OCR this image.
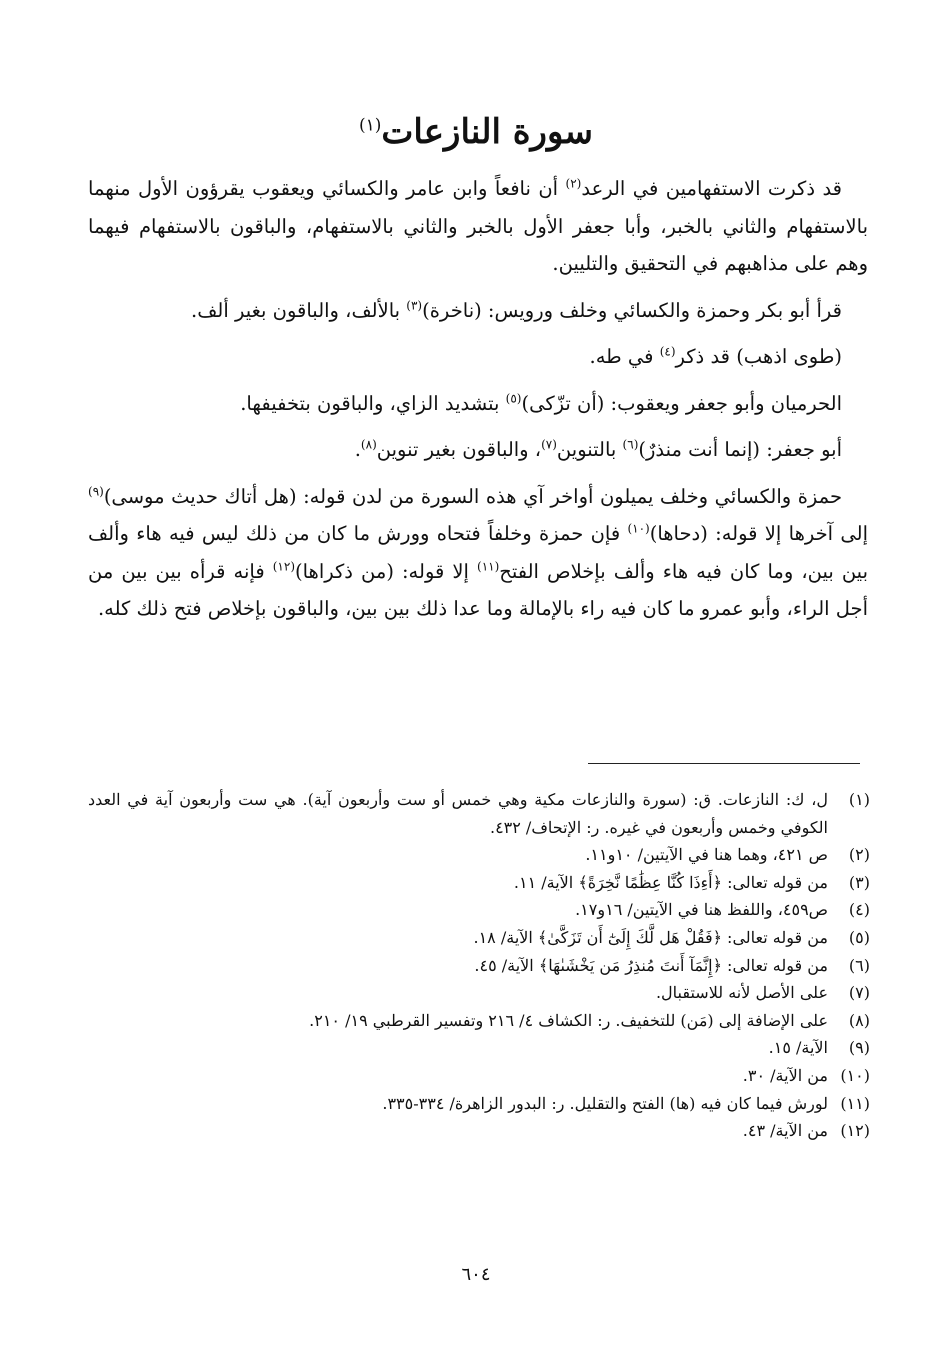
سورة النازعات$^{(١)}$

قد ذكرت الاستفهامين في الرعد$^{(٢)}$ أن نافعاً وابن عامر والكسائي ويعقوب يقرؤون الأول منهما بالاستفهام والثاني بالخبر، وأبا جعفر الأول بالخبر والثاني بالاستفهام، والباقون بالاستفهام فيهما وهم على مذاهبهم في التحقيق والتليين.

قرأ أبو بكر وحمزة والكسائي وخلف ورويس: (ناخرة)$^{(٣)}$ بالألف، والباقون بغير ألف.

(طوى اذهب) قد ذكر$^{(٤)}$ في طه.

الحرميان وأبو جعفر ويعقوب: (أن تزّكى)$^{(٥)}$ بتشديد الزاي، والباقون بتخفيفها.

أبو جعفر: (إنما أنت منذرٌ)$^{(٦)}$ بالتنوين$^{(٧)}$، والباقون بغير تنوين$^{(٨)}$.

حمزة والكسائي وخلف يميلون أواخر آي هذه السورة من لدن قوله: (هل أتاك حديث موسى)$^{(٩)}$ إلى آخرها إلا قوله: (دحاها)$^{(١٠)}$ فإن حمزة وخلفاً فتحاه وورش ما كان من ذلك ليس فيه هاء وألف بين بين، وما كان فيه هاء وألف بإخلاص الفتح$^{(١١)}$ إلا قوله: (من ذكراها)$^{(١٢)}$ فإنه قرأه بين بين من أجل الراء، وأبو عمرو ما كان فيه راء بالإمالة وما عدا ذلك بين بين، والباقون بإخلاص فتح ذلك كله.

(١)
ل، ك: النازعات. ق: (سورة والنازعات مكية وهي خمس أو ست وأربعون آية). هي ست وأربعون آية في العدد الكوفي وخمس وأربعون في غيره. ر: الإتحاف/ ٤٣٢.
(٢)
ص ٤٢١، وهما هنا في الآيتين/ ١٠و١١.
(٣)
من قوله تعالى: ﴿أَءِذَا كُنَّا عِظَٰمًا نَّخِرَةً﴾ الآية/ ١١.
(٤)
ص٤٥٩، واللفظ هنا في الآيتين/ ١٦و١٧.
(٥)
من قوله تعالى: ﴿فَقُلْ هَل لَّكَ إِلَىٰٓ أَن تَزَكَّىٰ﴾ الآية/ ١٨.
(٦)
من قوله تعالى: ﴿إِنَّمَآ أَنتَ مُنذِرُ مَن يَخْشَىٰهَا﴾ الآية/ ٤٥.
(٧)
على الأصل لأنه للاستقبال.
(٨)
على الإضافة إلى (مَن) للتخفيف. ر: الكشاف ٤/ ٢١٦ وتفسير القرطبي ١٩/ ٢١٠.
(٩)
الآية/ ١٥.
(١٠)
من الآية/ ٣٠.
(١١)
لورش فيما كان فيه (ها) الفتح والتقليل. ر: البدور الزاهرة/ ٣٣٤-٣٣٥.
(١٢)
من الآية/ ٤٣.
٦٠٤
